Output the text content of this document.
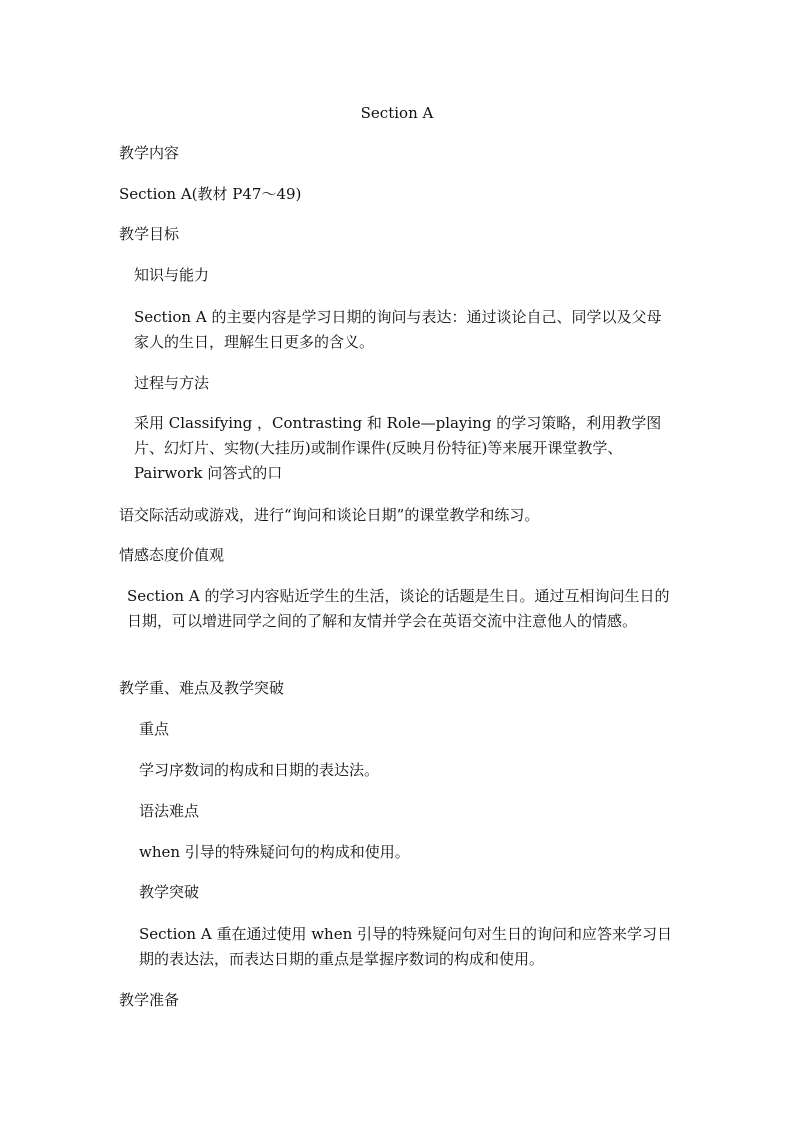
Section A

教学内容

Section A(教材 P47～49)

教学目标

知识与能力

Section A 的主要内容是学习日期的询问与表达：通过谈论自己、同学以及父母家人的生日，理解生日更多的含义。

过程与方法

采用 Classifying ，Contrasting 和 Role—playing 的学习策略，利用教学图片、幻灯片、实物(大挂历)或制作课件(反映月份特征)等来展开课堂教学、Pairwork 问答式的口

语交际活动或游戏，进行“询问和谈论日期”的课堂教学和练习。

情感态度价值观

Section A 的学习内容贴近学生的生活，谈论的话题是生日。通过互相询问生日的日期，可以增进同学之间的了解和友情并学会在英语交流中注意他人的情感。

教学重、难点及教学突破

重点

学习序数词的构成和日期的表达法。

语法难点

when 引导的特殊疑问句的构成和使用。

教学突破

Section A 重在通过使用 when 引导的特殊疑问句对生日的询问和应答来学习日期的表达法，而表达日期的重点是掌握序数词的构成和使用。

教学准备
